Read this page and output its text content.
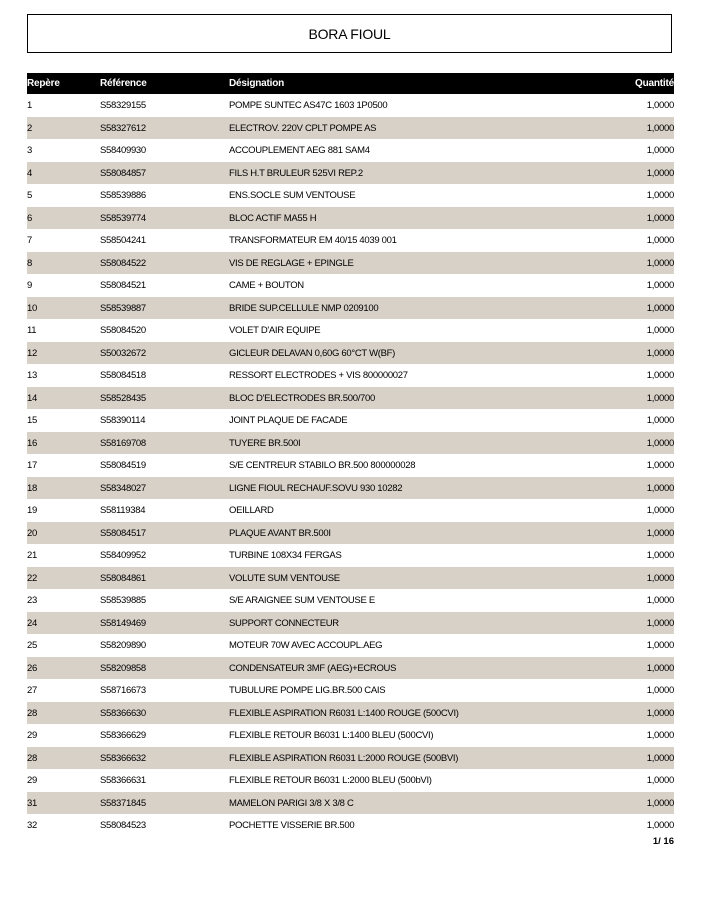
BORA FIOUL
Repère	Référence	Désignation	Quantité
1	S58329155	POMPE SUNTEC AS47C 1603 1P0500	1,0000
2	S58327612	ELECTROV. 220V CPLT POMPE AS	1,0000
3	S58409930	ACCOUPLEMENT AEG 881 SAM4	1,0000
4	S58084857	FILS H.T BRULEUR 525VI REP.2	1,0000
5	S58539886	ENS.SOCLE SUM VENTOUSE	1,0000
6	S58539774	BLOC ACTIF MA55 H	1,0000
7	S58504241	TRANSFORMATEUR EM 40/15 4039 001	1,0000
8	S58084522	VIS DE REGLAGE + EPINGLE	1,0000
9	S58084521	CAME + BOUTON	1,0000
10	S58539887	BRIDE SUP.CELLULE NMP 0209100	1,0000
11	S58084520	VOLET D'AIR EQUIPE	1,0000
12	S50032672	GICLEUR DELAVAN 0,60G 60°CT W(BF)	1,0000
13	S58084518	RESSORT ELECTRODES + VIS 800000027	1,0000
14	S58528435	BLOC D'ELECTRODES BR.500/700	1,0000
15	S58390114	JOINT PLAQUE DE FACADE	1,0000
16	S58169708	TUYERE BR.500I	1,0000
17	S58084519	S/E CENTREUR STABILO BR.500 800000028	1,0000
18	S58348027	LIGNE FIOUL RECHAUF.SOVU 930 10282	1,0000
19	S58119384	OEILLARD	1,0000
20	S58084517	PLAQUE AVANT BR.500I	1,0000
21	S58409952	TURBINE 108X34 FERGAS	1,0000
22	S58084861	VOLUTE SUM VENTOUSE	1,0000
23	S58539885	S/E ARAIGNEE SUM VENTOUSE E	1,0000
24	S58149469	SUPPORT CONNECTEUR	1,0000
25	S58209890	MOTEUR 70W AVEC ACCOUPL.AEG	1,0000
26	S58209858	CONDENSATEUR 3MF (AEG)+ECROUS	1,0000
27	S58716673	TUBULURE POMPE LIG.BR.500 CAIS	1,0000
28	S58366630	FLEXIBLE ASPIRATION R6031 L:1400 ROUGE (500CVI)	1,0000
29	S58366629	FLEXIBLE RETOUR B6031 L:1400 BLEU (500CVI)	1,0000
28	S58366632	FLEXIBLE ASPIRATION R6031 L:2000 ROUGE (500BVI)	1,0000
29	S58366631	FLEXIBLE RETOUR B6031 L:2000 BLEU (500bVI)	1,0000
31	S58371845	MAMELON PARIGI 3/8 X 3/8 C	1,0000
32	S58084523	POCHETTE VISSERIE BR.500	1,0000
1/ 16
